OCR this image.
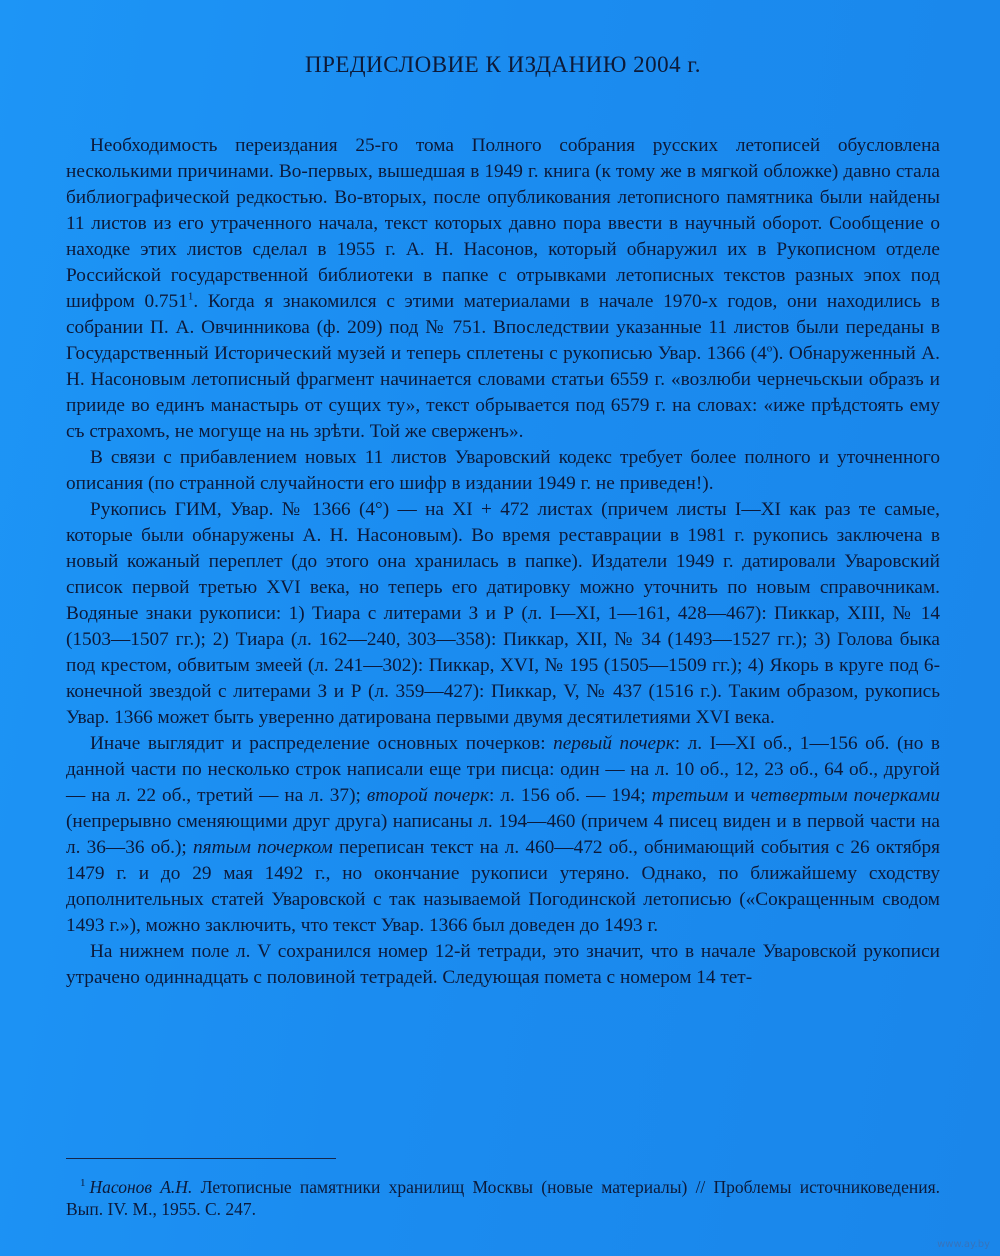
ПРЕДИСЛОВИЕ К ИЗДАНИЮ 2004 г.

Необходимость переиздания 25-го тома Полного собрания русских летописей обусловлена несколькими причинами. Во-первых, вышедшая в 1949 г. книга (к тому же в мягкой обложке) давно стала библиографической редкостью. Во-вторых, после опубликования летописного памятника были найдены 11 листов из его утраченного начала, текст которых давно пора ввести в научный оборот. Сообщение о находке этих листов сделал в 1955 г. А. Н. Насонов, который обнаружил их в Рукописном отделе Российской государственной библиотеки в папке с отрывками летописных текстов разных эпох под шифром 0.751$^1$. Когда я знакомился с этими материалами в начале 1970-х годов, они находились в собрании П. А. Овчинникова (ф. 209) под № 751. Впоследствии указанные 11 листов были переданы в Государственный Исторический музей и теперь сплетены с рукописью Увар. 1366 $(4^о)$. Обнаруженный А. Н. Насоновым летописный фрагмент начинается словами статьи 6559 г. «возлюби чернечьскыи образъ и прииде во единъ манастырь от сущих ту», текст обрывается под 6579 г. на словах: «иже прѣдстоять ему съ страхомъ, не могуще на нь зрѣти. Той же сверженъ».

В связи с прибавлением новых 11 листов Уваровский кодекс требует более полного и уточненного описания (по странной случайности его шифр в издании 1949 г. не приведен!).

Рукопись ГИМ, Увар. № 1366 (4°) — на XI + 472 листах (причем листы I—XI как раз те самые, которые были обнаружены А. Н. Насоновым). Во время реставрации в 1981 г. рукопись заключена в новый кожаный переплет (до этого она хранилась в папке). Издатели 1949 г. датировали Уваровский список первой третью XVI века, но теперь его датировку можно уточнить по новым справочникам. Водяные знаки рукописи: 1) Тиара с литерами З и Р (л. I—XI, 1—161, 428—467): Пиккар, XIII, № 14 (1503—1507 гг.); 2) Тиара (л. 162—240, 303—358): Пиккар, XII, № 34 (1493—1527 гг.); 3) Голова быка под крестом, обвитым змеей (л. 241—302): Пиккар, XVI, № 195 (1505—1509 гг.); 4) Якорь в круге под 6-конечной звездой с литерами З и Р (л. 359—427): Пиккар, V, № 437 (1516 г.). Таким образом, рукопись Увар. 1366 может быть уверенно датирована первыми двумя десятилетиями XVI века.

Иначе выглядит и распределение основных почерков: первый почерк: л. I—XI об., 1—156 об. (но в данной части по несколько строк написали еще три писца: один — на л. 10 об., 12, 23 об., 64 об., другой — на л. 22 об., третий — на л. 37); второй почерк: л. 156 об. — 194; третьим и четвертым почерками (непрерывно сменяющими друг друга) написаны л. 194—460 (причем 4 писец виден и в первой части на л. 36—36 об.); пятым почерком переписан текст на л. 460—472 об., обнимающий события с 26 октября 1479 г. и до 29 мая 1492 г., но окончание рукописи утеряно. Однако, по ближайшему сходству дополнительных статей Уваровской с так называемой Погодинской летописью («Сокращенным сводом 1493 г.»), можно заключить, что текст Увар. 1366 был доведен до 1493 г.

На нижнем поле л. V сохранился номер 12-й тетради, это значит, что в начале Уваровской рукописи утрачено одиннадцать с половиной тетрадей. Следующая помета с номером 14 тет-

$^1$ Насонов А.Н. Летописные памятники хранилищ Москвы (новые материалы) // Проблемы источниковедения. Вып. IV. М., 1955. С. 247.
www.ay.by
